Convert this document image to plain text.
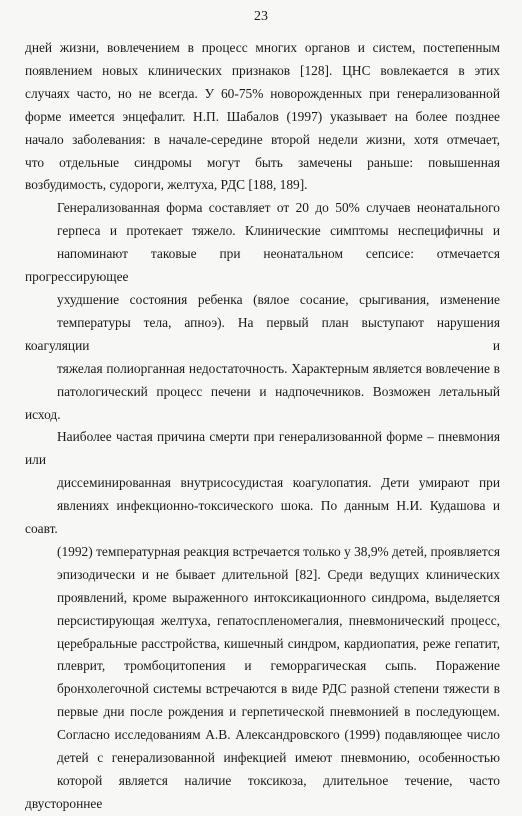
23

дней жизни, вовлечением в процесс многих органов и систем, постепенным
появлением новых клинических признаков [128]. ЦНС вовлекается в этих
случаях часто, но не всегда. У 60-75% новорожденных при генерализованной
форме имеется энцефалит. Н.П. Шабалов (1997) указывает на более позднее
начало заболевания: в начале-середине второй недели жизни, хотя отмечает,
что отдельные синдромы могут быть замечены раньше: повышенная
возбудимость, судороги, желтуха, РДС [188, 189].

Генерализованная форма составляет от 20 до 50% случаев неонатального
герпеса и протекает тяжело. Клинические симптомы неспецифичны и
напоминают таковые при неонатальном сепсисе: отмечается прогрессирующее
ухудшение состояния ребенка (вялое сосание, срыгивания, изменение
температуры тела, апноэ). На первый план выступают нарушения коагуляции и
тяжелая полиорганная недостаточность. Характерным является вовлечение в
патологический процесс печени и надпочечников. Возможен летальный исход.
Наиболее частая причина смерти при генерализованной форме – пневмония или
диссеминированная внутрисосудистая коагулопатия. Дети умирают при
явлениях инфекционно-токсического шока. По данным Н.И. Кудашова и соавт.
(1992) температурная реакция встречается только у 38,9% детей, проявляется
эпизодически и не бывает длительной [82]. Среди ведущих клинических
проявлений, кроме выраженного интоксикационного синдрома, выделяется
персистирующая желтуха, гепатоспленомегалия, пневмонический процесс,
церебральные расстройства, кишечный синдром, кардиопатия, реже гепатит,
плеврит, тромбоцитопения и геморрагическая сыпь. Поражение
бронхолегочной системы встречаются в виде РДС разной степени тяжести в
первые дни после рождения и герпетической пневмонией в последующем.
Согласно исследованиям А.В. Александровского (1999) подавляющее число
детей с генерализованной инфекцией имеют пневмонию, особенностью
которой является наличие токсикоза, длительное течение, часто двустороннее
